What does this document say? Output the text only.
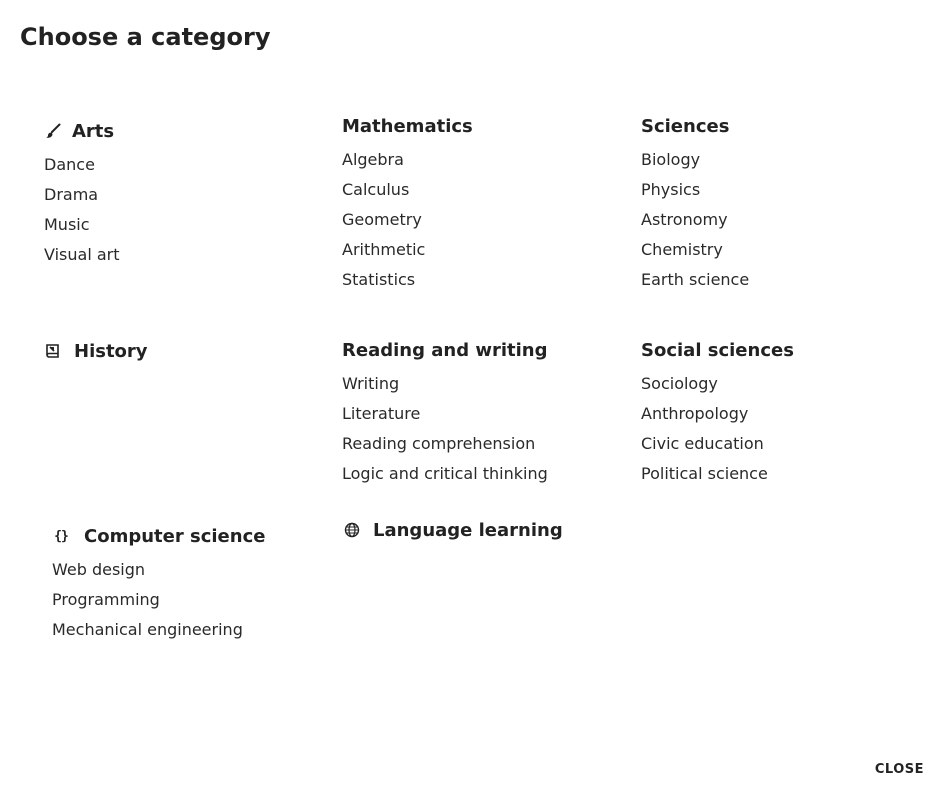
Choose a category
Arts
Dance
Drama
Music
Visual art
Mathematics
Algebra
Calculus
Geometry
Arithmetic
Statistics
Sciences
Biology
Physics
Astronomy
Chemistry
Earth science
History	Reading and writing
Writing
Literature
Reading comprehension
Logic and critical thinking
Social sciences
Sociology
Anthropology
Civic education
Political science
{} Computer science
Web design
Programming
Mechanical engineering
Language learning
CLOSE
